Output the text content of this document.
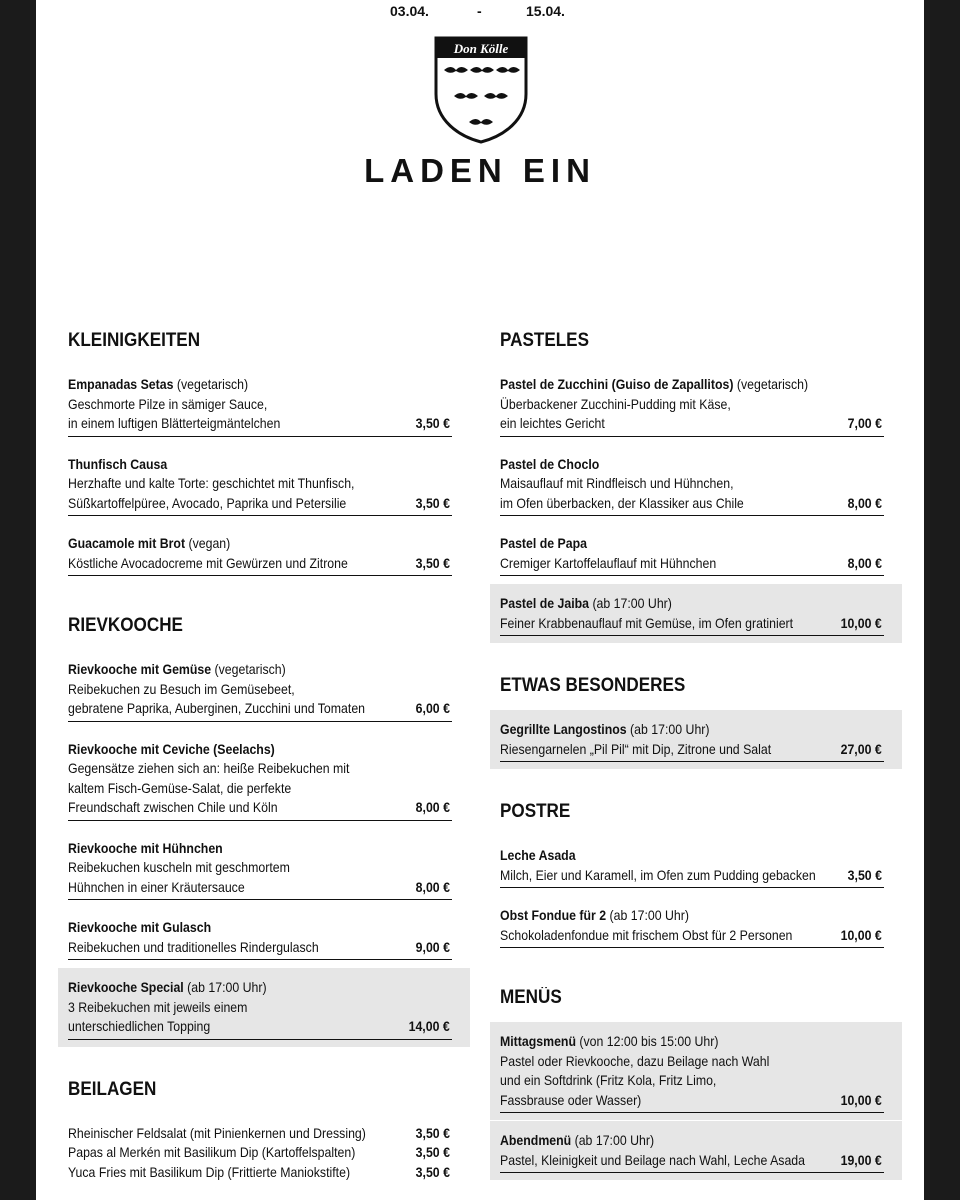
03.04.	-	15.04.
Don Kölle
LADEN EIN
KLEINIGKEITEN
Empanadas Setas (vegetarisch)
Geschmorte Pilze in sämiger Sauce,
in einem luftigen Blätterteigmäntelchen	3,50 €
Thunfisch Causa
Herzhafte und kalte Torte: geschichtet mit Thunfisch,
Süßkartoffelpüree, Avocado, Paprika und Petersilie	3,50 €
Guacamole mit Brot (vegan)
Köstliche Avocadocreme mit Gewürzen und Zitrone	3,50 €
RIEVKOOCHE
Rievkooche mit Gemüse (vegetarisch)
Reibekuchen zu Besuch im Gemüsebeet,
gebratene Paprika, Auberginen, Zucchini und Tomaten	6,00 €
Rievkooche mit Ceviche (Seelachs)
Gegensätze ziehen sich an: heiße Reibekuchen mit
kaltem Fisch-Gemüse-Salat, die perfekte
Freundschaft zwischen Chile und Köln	8,00 €
Rievkooche mit Hühnchen
Reibekuchen kuscheln mit geschmortem
Hühnchen in einer Kräutersauce	8,00 €
Rievkooche mit Gulasch
Reibekuchen und traditionelles Rindergulasch	9,00 €
Rievkooche Special (ab 17:00 Uhr)
3 Reibekuchen mit jeweils einem
unterschiedlichen Topping	14,00 €
BEILAGEN
Rheinischer Feldsalat (mit Pinienkernen und Dressing)	3,50 €
Papas al Merkén mit Basilikum Dip (Kartoffelspalten)	3,50 €
Yuca Fries mit Basilikum Dip (Frittierte Maniokstifte)	3,50 €
PASTELES
Pastel de Zucchini (Guiso de Zapallitos) (vegetarisch)
Überbackener Zucchini-Pudding mit Käse,
ein leichtes Gericht	7,00 €
Pastel de Choclo
Maisauflauf mit Rindfleisch und Hühnchen,
im Ofen überbacken, der Klassiker aus Chile	8,00 €
Pastel de Papa
Cremiger Kartoffelauflauf mit Hühnchen	8,00 €
Pastel de Jaiba (ab 17:00 Uhr)
Feiner Krabbenauflauf mit Gemüse, im Ofen gratiniert	10,00 €
ETWAS BESONDERES
Gegrillte Langostinos (ab 17:00 Uhr)
Riesengarnelen „Pil Pil“ mit Dip, Zitrone und Salat	27,00 €
POSTRE
Leche Asada
Milch, Eier und Karamell, im Ofen zum Pudding gebacken	3,50 €
Obst Fondue für 2 (ab 17:00 Uhr)
Schokoladenfondue mit frischem Obst für 2 Personen	10,00 €
MENÜS
Mittagsmenü (von 12:00 bis 15:00 Uhr)
Pastel oder Rievkooche, dazu Beilage nach Wahl
und ein Softdrink (Fritz Kola, Fritz Limo,
Fassbrause oder Wasser)	10,00 €
Abendmenü (ab 17:00 Uhr)
Pastel, Kleinigkeit und Beilage nach Wahl, Leche Asada	19,00 €
